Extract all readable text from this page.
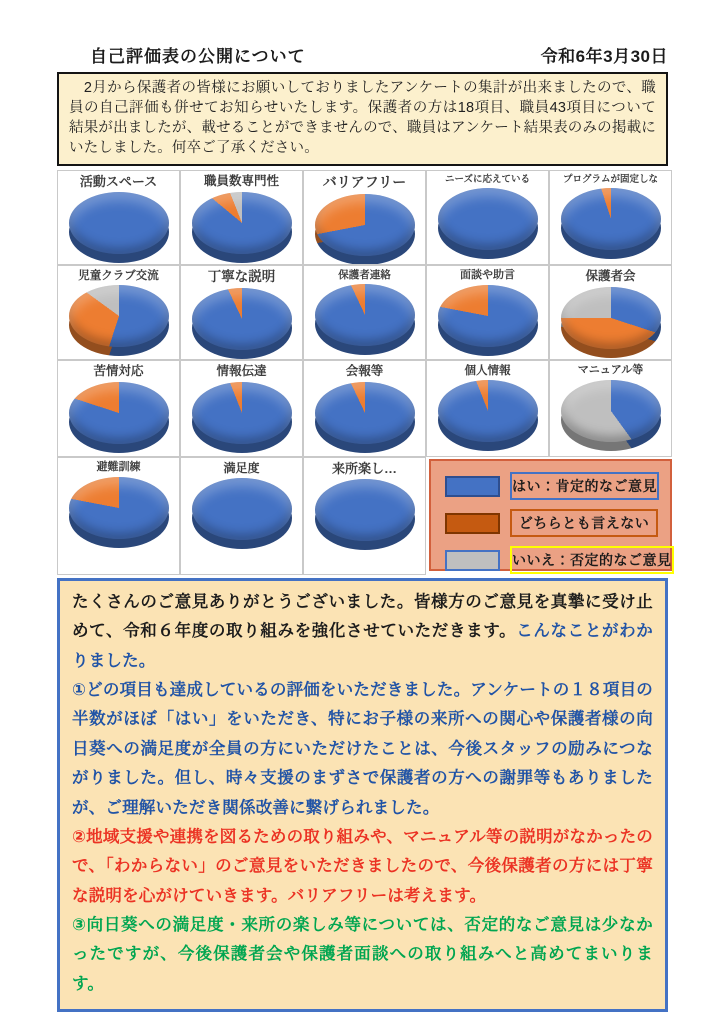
自己評価表の公開について	令和6年3月30日
　2月から保護者の皆様にお願いしておりましたアンケートの集計が出来ましたので、職員の自己評価も併せてお知らせいたします。保護者の方は18項目、職員43項目について結果が出ましたが、載せることができませんので、職員はアンケート結果表のみの掲載にいたしました。何卒ご了承ください。
活動スペース	職員数専門性	バリアフリー	ニーズに応えている	プログラムが固定しな
児童クラブ交流	丁寧な説明	保護者連絡	面談や助言	保護者会
苦情対応	情報伝達	会報等	個人情報	マニュアル等
避難訓練	満足度	来所楽し…
はい：肯定的なご意見
どちらとも言えない
いいえ：否定的なご意見

たくさんのご意見ありがとうございました。皆様方のご意見を真摯に受け止めて、令和６年度の取り組みを強化させていただきます。こんなことがわかりました。

①どの項目も達成しているの評価をいただきました。アンケートの１８項目の半数がほぼ「はい」をいただき、特にお子様の来所への関心や保護者様の向日葵への満足度が全員の方にいただけたことは、今後スタッフの励みにつながりました。但し、時々支援のまずさで保護者の方への謝罪等もありましたが、ご理解いただき関係改善に繋げられました。

②地域支援や連携を図るための取り組みや、マニュアル等の説明がなかったので、「わからない」のご意見をいただきましたので、今後保護者の方には丁寧な説明を心がけていきます。バリアフリーは考えます。

③向日葵への満足度・来所の楽しみ等については、否定的なご意見は少なかったですが、今後保護者会や保護者面談への取り組みへと高めてまいります。
